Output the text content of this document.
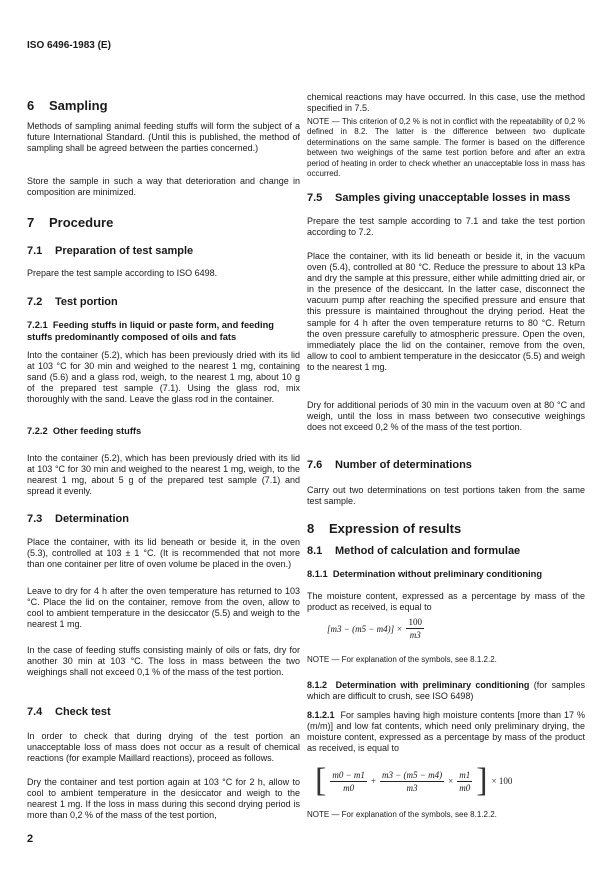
ISO 6496-1983 (E)
6 Sampling

Methods of sampling animal feeding stuffs will form the subject of a future International Standard. (Until this is published, the method of sampling shall be agreed between the parties concerned.)

Store the sample in such a way that deterioration and change in composition are minimized.

7 Procedure
7.1 Preparation of test sample

Prepare the test sample according to ISO 6498.

7.2 Test portion
7.2.1 Feeding stuffs in liquid or paste form, and feeding stuffs predominantly composed of oils and fats

Into the container (5.2), which has been previously dried with its lid at 103 °C for 30 min and weighed to the nearest 1 mg, containing sand (5.6) and a glass rod, weigh, to the nearest 1 mg, about 10 g of the prepared test sample (7.1). Using the glass rod, mix thoroughly with the sand. Leave the glass rod in the container.

7.2.2 Other feeding stuffs

Into the container (5.2), which has been previously dried with its lid at 103 °C for 30 min and weighed to the nearest 1 mg, weigh, to the nearest 1 mg, about 5 g of the prepared test sample (7.1) and spread it evenly.

7.3 Determination

Place the container, with its lid beneath or beside it, in the oven (5.3), controlled at 103 ± 1 °C. (It is recommended that not more than one container per litre of oven volume be placed in the oven.)

Leave to dry for 4 h after the oven temperature has returned to 103 °C. Place the lid on the container, remove from the oven, allow to cool to ambient temperature in the desiccator (5.5) and weigh to the nearest 1 mg.

In the case of feeding stuffs consisting mainly of oils or fats, dry for another 30 min at 103 °C. The loss in mass between the two weighings shall not exceed 0,1 % of the mass of the test portion.

7.4 Check test

In order to check that during drying of the test portion an unacceptable loss of mass does not occur as a result of chemical reactions (for example Maillard reactions), proceed as follows.

Dry the container and test portion again at 103 °C for 2 h, allow to cool to ambient temperature in the desiccator and weigh to the nearest 1 mg. If the loss in mass during this second drying period is more than 0,2 % of the mass of the test portion,

2

chemical reactions may have occurred. In this case, use the method specified in 7.5.

NOTE — This criterion of 0,2 % is not in conflict with the repeatability of 0,2 % defined in 8.2. The latter is the difference between two duplicate determinations on the same sample. The former is based on the difference between two weighings of the same test portion before and after an extra period of heating in order to check whether an unacceptable loss in mass has occurred.

7.5 Samples giving unacceptable losses in mass

Prepare the test sample according to 7.1 and take the test portion according to 7.2.

Place the container, with its lid beneath or beside it, in the vacuum oven (5.4), controlled at 80 °C. Reduce the pressure to about 13 kPa and dry the sample at this pressure, either while admitting dried air, or in the presence of the desiccant. In the latter case, disconnect the vacuum pump after reaching the specified pressure and ensure that this pressure is maintained throughout the drying period. Heat the sample for 4 h after the oven temperature returns to 80 °C. Return the oven pressure carefully to atmospheric pressure. Open the oven, immediately place the lid on the container, remove from the oven, allow to cool to ambient temperature in the desiccator (5.5) and weigh to the nearest 1 mg.

Dry for additional periods of 30 min in the vacuum oven at 80 °C and weigh, until the loss in mass between two consecutive weighings does not exceed 0,2 % of the mass of the test portion.

7.6 Number of determinations

Carry out two determinations on test portions taken from the same test sample.

8 Expression of results
8.1 Method of calculation and formulae
8.1.1 Determination without preliminary conditioning

The moisture content, expressed as a percentage by mass of the product as received, is equal to

$[m3 - (m5 - m4)] \times \frac{100}{m3}$

NOTE — For explanation of the symbols, see 8.1.2.2.

8.1.2 Determination with preliminary conditioning (for samples which are difficult to crush, see ISO 6498)

8.1.2.1 For samples having high moisture contents [more than 17 % (m/m)] and low fat contents, which need only preliminary drying, the moisture content, expressed as a percentage by mass of the product as received, is equal to

[ $\frac{m0 - m1}{m0} + \frac{m3 - (m5 - m4)}{m3} \times \frac{m1}{m0}$ ] × 100

NOTE — For explanation of the symbols, see 8.1.2.2.
